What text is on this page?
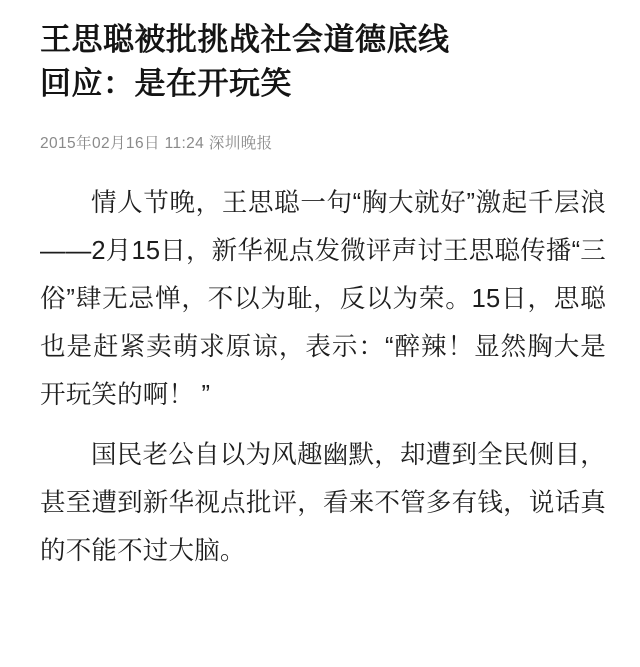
王思聪被批挑战社会道德底线
回应：是在开玩笑
2015年02月16日 11:24 深圳晚报

情人节晚，王思聪一句“胸大就好”激起千层浪——2月15日，新华视点发微评声讨王思聪传播“三俗”肆无忌惮，不以为耻，反以为荣。15日，思聪也是赶紧卖萌求原谅，表示：“醉辣！显然胸大是开玩笑的啊！ ”

国民老公自以为风趣幽默，却遭到全民侧目，甚至遭到新华视点批评，看来不管多有钱，说话真的不能不过大脑。
